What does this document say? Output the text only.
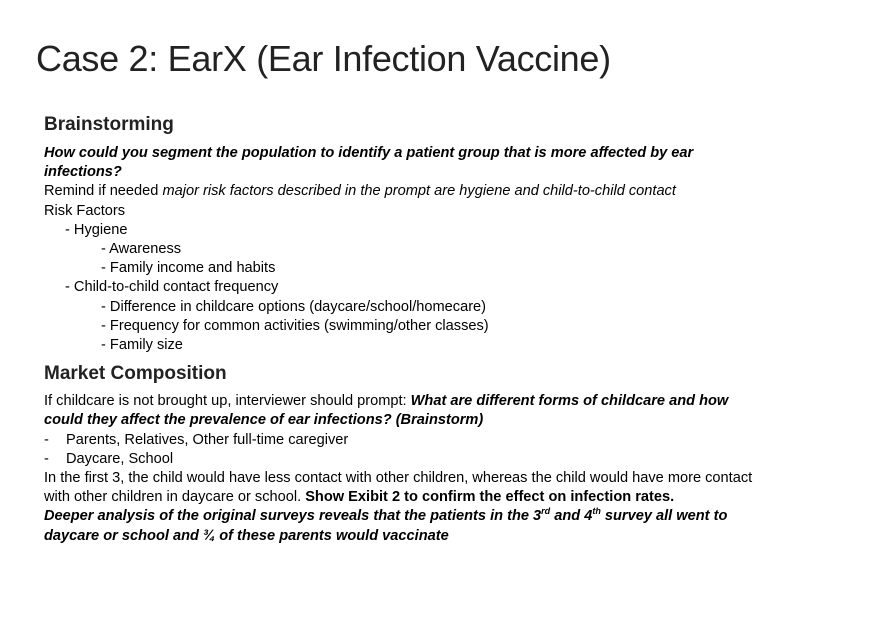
Case 2: EarX (Ear Infection Vaccine)
Brainstorming
How could you segment the population to identify a patient group that is more affected by ear infections?
Remind if needed major risk factors described in the prompt are hygiene and child-to-child contact
Risk Factors
- Hygiene
- Awareness
- Family income and habits
- Child-to-child contact frequency
- Difference in childcare options (daycare/school/homecare)
- Frequency for common activities (swimming/other classes)
- Family size
Market Composition
If childcare is not brought up, interviewer should prompt: What are different forms of childcare and how could they affect the prevalence of ear infections? (Brainstorm)
-	Parents, Relatives, Other full-time caregiver
-	Daycare, School
In the first 3, the child would have less contact with other children, whereas the child would have more contact with other children in daycare or school. Show Exibit 2 to confirm the effect on infection rates.
Deeper analysis of the original surveys reveals that the patients in the 3rd and 4th survey all went to daycare or school and ¾ of these parents would vaccinate
